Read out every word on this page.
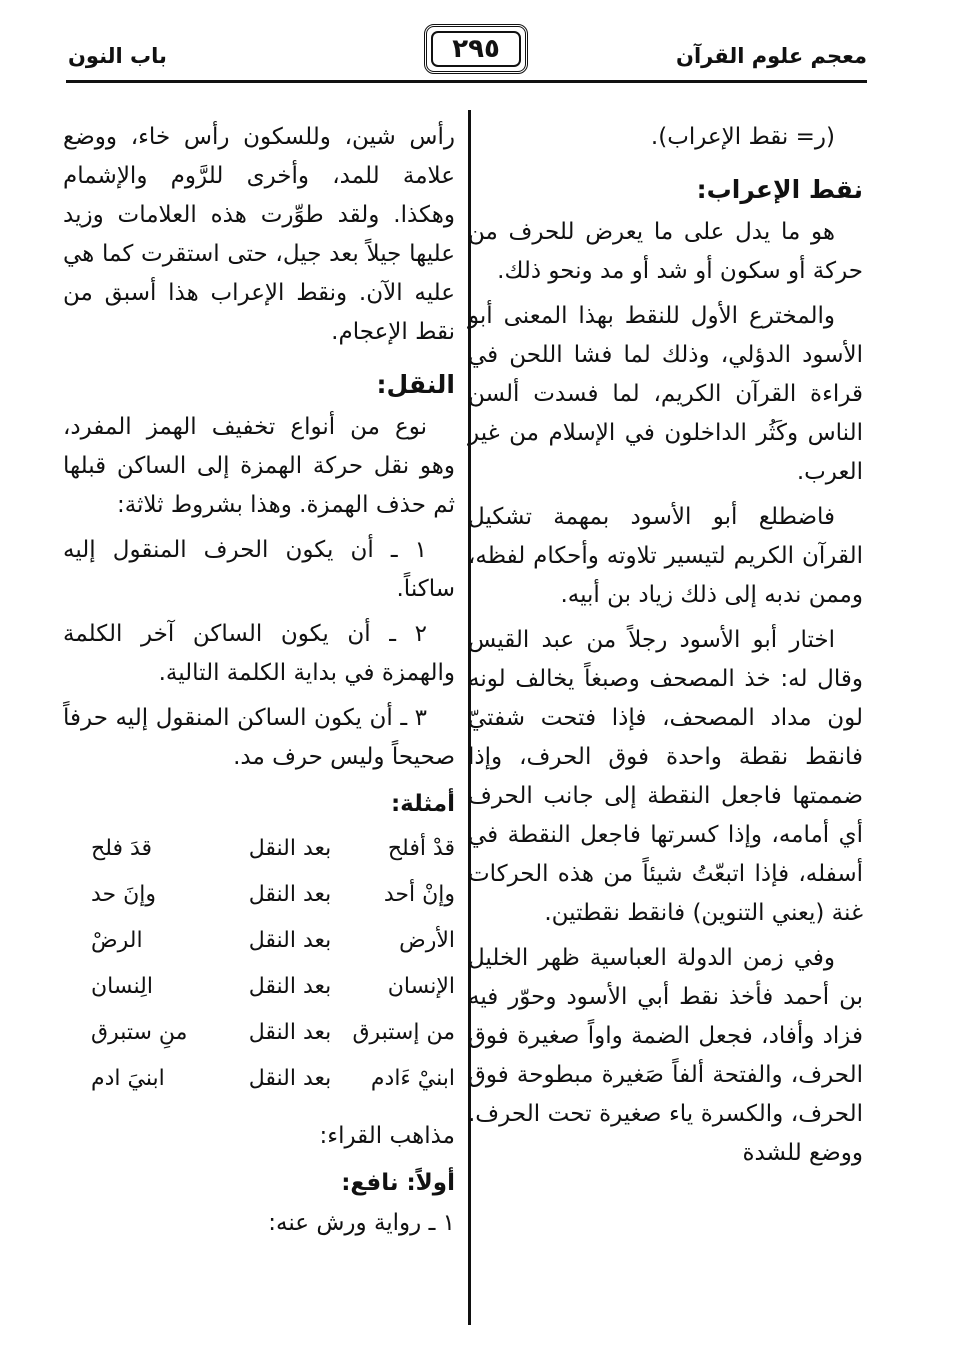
معجم علوم القرآن
٢٩٥
باب النون

(ر= نقط الإعراب).

نقط الإعراب:

هو ما يدل على ما يعرض للحرف من حركة أو سكون أو شد أو مد ونحو ذلك.

والمخترع الأول للنقط بهذا المعنى أبو الأسود الدؤلي، وذلك لما فشا اللحن في قراءة القرآن الكريم، لما فسدت ألسن الناس وكَثُر الداخلون في الإسلام من غير العرب.

فاضطلع أبو الأسود بمهمة تشكيل القرآن الكريم لتيسير تلاوته وأحكام لفظه، وممن ندبه إلى ذلك زياد بن أبيه.

اختار أبو الأسود رجلاً من عبد القيس وقال له: خذ المصحف وصبغاً يخالف لونه لون مداد المصحف، فإذا فتحت شفتيّ فانقط نقطة واحدة فوق الحرف، وإذا ضممتها فاجعل النقطة إلى جانب الحرف أي أمامه، وإذا كسرتها فاجعل النقطة في أسفله، فإذا اتبعّتُ شيئاً من هذه الحركات غنة (يعني التنوين) فانقط نقطتين.

وفي زمن الدولة العباسية ظهر الخليل بن أحمد فأخذ نقط أبي الأسود وحوّر فيه فزاد وأفاد، فجعل الضمة واواً صغيرة فوق الحرف، والفتحة ألفاً صَغيرة مبطوحة فوق الحرف، والكسرة ياء صغيرة تحت الحرف. ووضع للشدة

رأس شين، وللسكون رأس خاء، ووضع علامة للمد، وأخرى للرَّوم والإشمام وهكذا. ولقد طوِّرت هذه العلامات وزيد عليها جيلاً بعد جيل، حتى استقرت كما هي عليه الآن. ونقط الإعراب هذا أسبق من نقط الإعجام.

النقل:

نوع من أنواع تخفيف الهمز المفرد، وهو نقل حركة الهمزة إلى الساكن قبلها ثم حذف الهمزة. وهذا بشروط ثلاثة:

١ ـ أن يكون الحرف المنقول إليه ساكناً.

٢ ـ أن يكون الساكن آخر الكلمة والهمزة في بداية الكلمة التالية.

٣ ـ أن يكون الساكن المنقول إليه حرفاً صحيحاً وليس حرف مد.

أمثلة:
قدْ أفلح	بعد النقل	قدَ فلح
وإنْ أحد	بعد النقل	وإنَ حد
الأرض	بعد النقل	الرضْ
الإنسان	بعد النقل	الِنسان
من إستبرق	بعد النقل	منِ ستبرق
ابنيْ ءَادم	بعد النقل	ابنيَ ادم
مذاهب القراء:
أولاً: نافع:
١ ـ رواية ورش عنه:
